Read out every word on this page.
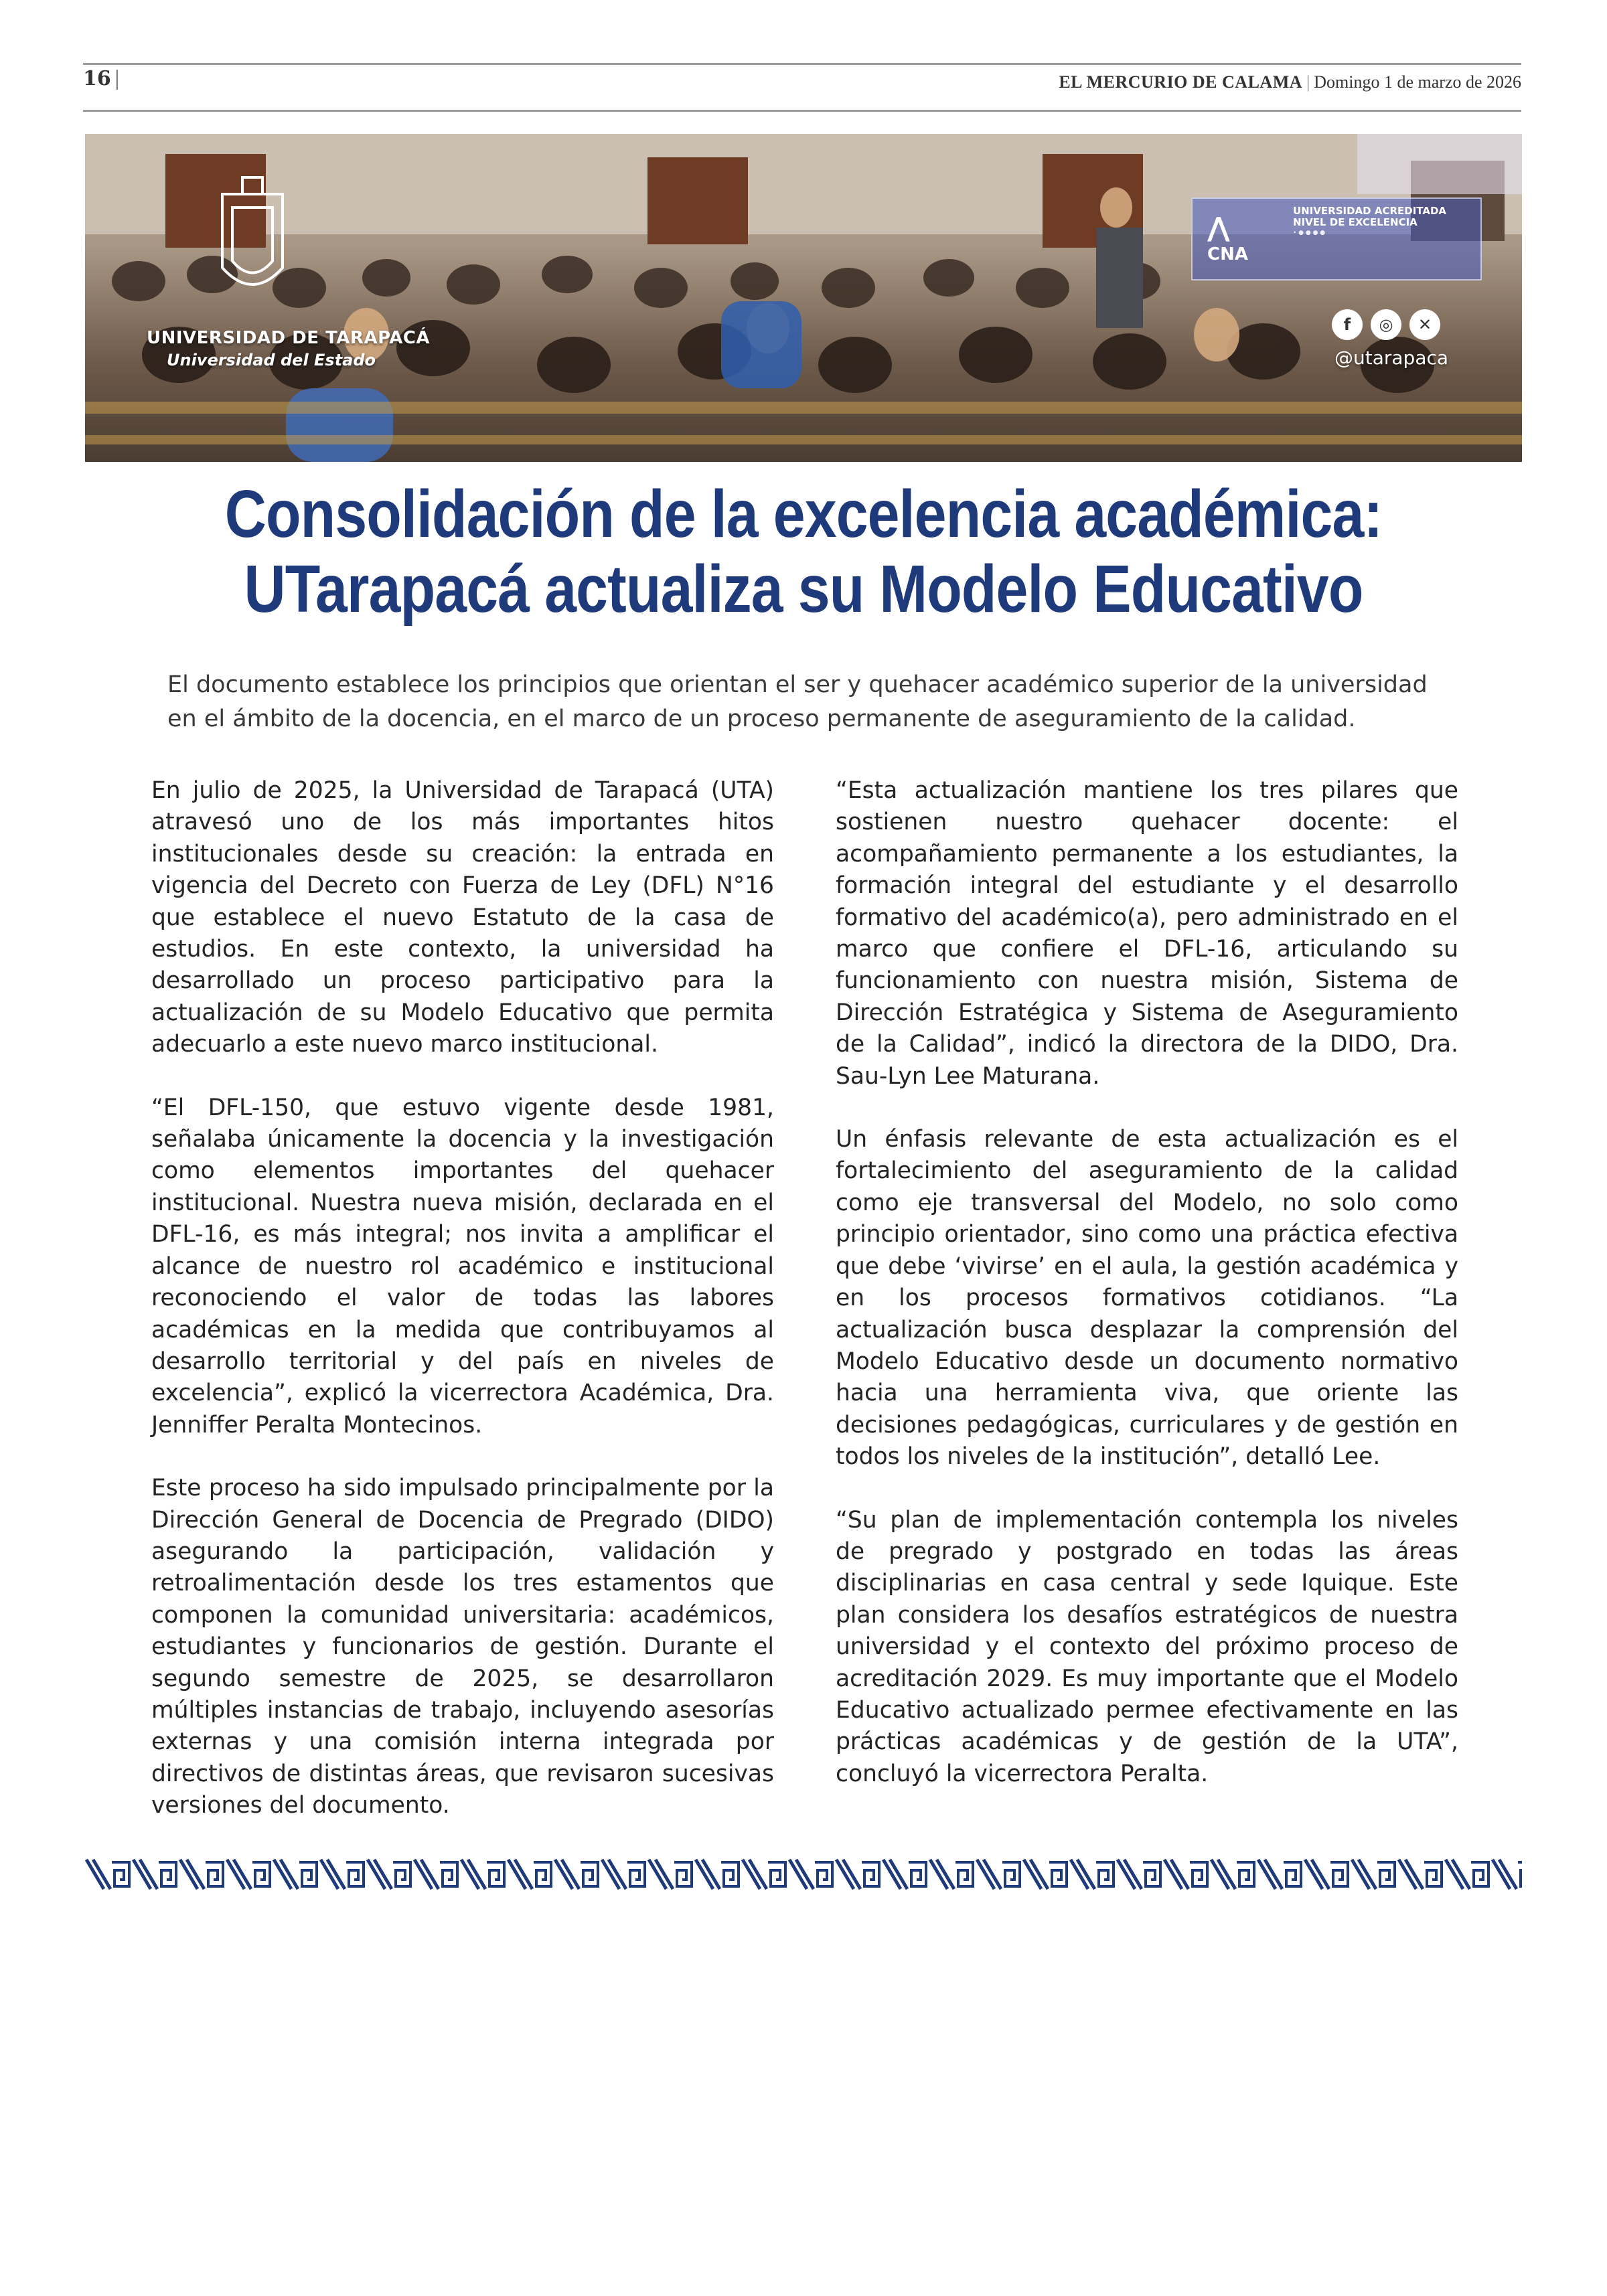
16 |	EL MERCURIO DE CALAMA | Domingo 1 de marzo de 2026
UNIVERSIDAD DE TARAPACÁ
Universidad del Estado
⋀
CNA
UNIVERSIDAD ACREDITADA
NIVEL DE EXCELENCIA
• ● ● ● ●
f	◎	✕
@utarapaca
Consolidación de la excelencia académica:
UTarapacá actualiza su Modelo Educativo
El documento establece los principios que orientan el ser y quehacer académico superior de la universidad en el ámbito de la docencia, en el marco de un proceso permanente de aseguramiento de la calidad.

En julio de 2025, la Universidad de Tarapacá (UTA) atravesó uno de los más importantes hitos institucionales desde su creación: la entrada en vigencia del Decreto con Fuerza de Ley (DFL) N°16 que establece el nuevo Estatuto de la casa de estudios. En este contexto, la universidad ha desarrollado un proceso participativo para la actualización de su Modelo Educativo que permita adecuarlo a este nuevo marco institucional.

“El DFL-150, que estuvo vigente desde 1981, señalaba únicamente la docencia y la investigación como elementos importantes del quehacer institucional. Nuestra nueva misión, declarada en el DFL-16, es más integral; nos invita a amplificar el alcance de nuestro rol académico e institucional reconociendo el valor de todas las labores académicas en la medida que contribuyamos al desarrollo territorial y del país en niveles de excelencia”, explicó la vicerrectora Académica, Dra. Jenniffer Peralta Montecinos.

Este proceso ha sido impulsado principalmente por la Dirección General de Docencia de Pregrado (DIDO) asegurando la participación, validación y retroalimentación desde los tres estamentos que componen la comunidad universitaria: académicos, estudiantes y funcionarios de gestión. Durante el segundo semestre de 2025, se desarrollaron múltiples instancias de trabajo, incluyendo asesorías externas y una comisión interna integrada por directivos de distintas áreas, que revisaron sucesivas versiones del documento.

“Esta actualización mantiene los tres pilares que sostienen nuestro quehacer docente: el acompañamiento permanente a los estudiantes, la formación integral del estudiante y el desarrollo formativo del académico(a), pero administrado en el marco que confiere el DFL-16, articulando su funcionamiento con nuestra misión, Sistema de Dirección Estratégica y Sistema de Aseguramiento de la Calidad”, indicó la directora de la DIDO, Dra. Sau-Lyn Lee Maturana.

Un énfasis relevante de esta actualización es el fortalecimiento del aseguramiento de la calidad como eje transversal del Modelo, no solo como principio orientador, sino como una práctica efectiva que debe ‘vivirse’ en el aula, la gestión académica y en los procesos formativos cotidianos. “La actualización busca desplazar la comprensión del Modelo Educativo desde un documento normativo hacia una herramienta viva, que oriente las decisiones pedagógicas, curriculares y de gestión en todos los niveles de la institución”, detalló Lee.

“Su plan de implementación contempla los niveles de pregrado y postgrado en todas las áreas disciplinarias en casa central y sede Iquique. Este plan considera los desafíos estratégicos de nuestra universidad y el contexto del próximo proceso de acreditación 2029. Es muy importante que el Modelo Educativo actualizado permee efectivamente en las prácticas académicas y de gestión de la UTA”, concluyó la vicerrectora Peralta.
